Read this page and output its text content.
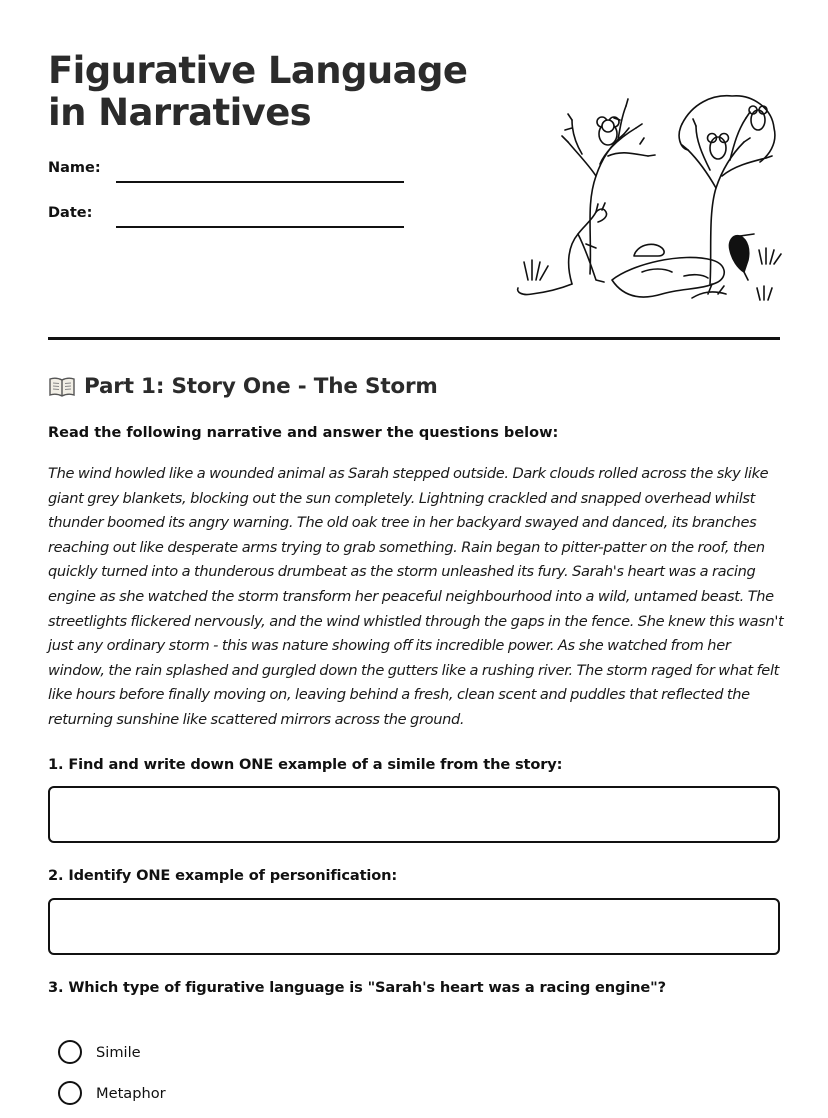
Figurative Language in Narratives
Name:
Date:
Part 1: Story One - The Storm

Read the following narrative and answer the questions below:

The wind howled like a wounded animal as Sarah stepped outside. Dark clouds rolled across the sky like giant grey blankets, blocking out the sun completely. Lightning crackled and snapped overhead whilst thunder boomed its angry warning. The old oak tree in her backyard swayed and danced, its branches reaching out like desperate arms trying to grab something. Rain began to pitter-patter on the roof, then quickly turned into a thunderous drumbeat as the storm unleashed its fury. Sarah's heart was a racing engine as she watched the storm transform her peaceful neighbourhood into a wild, untamed beast. The streetlights flickered nervously, and the wind whistled through the gaps in the fence. She knew this wasn't just any ordinary storm - this was nature showing off its incredible power. As she watched from her window, the rain splashed and gurgled down the gutters like a rushing river. The storm raged for what felt like hours before finally moving on, leaving behind a fresh, clean scent and puddles that reflected the returning sunshine like scattered mirrors across the ground.

1. Find and write down ONE example of a simile from the story:
2. Identify ONE example of personification:
3. Which type of figurative language is "Sarah's heart was a racing engine"?
Simile
Metaphor
